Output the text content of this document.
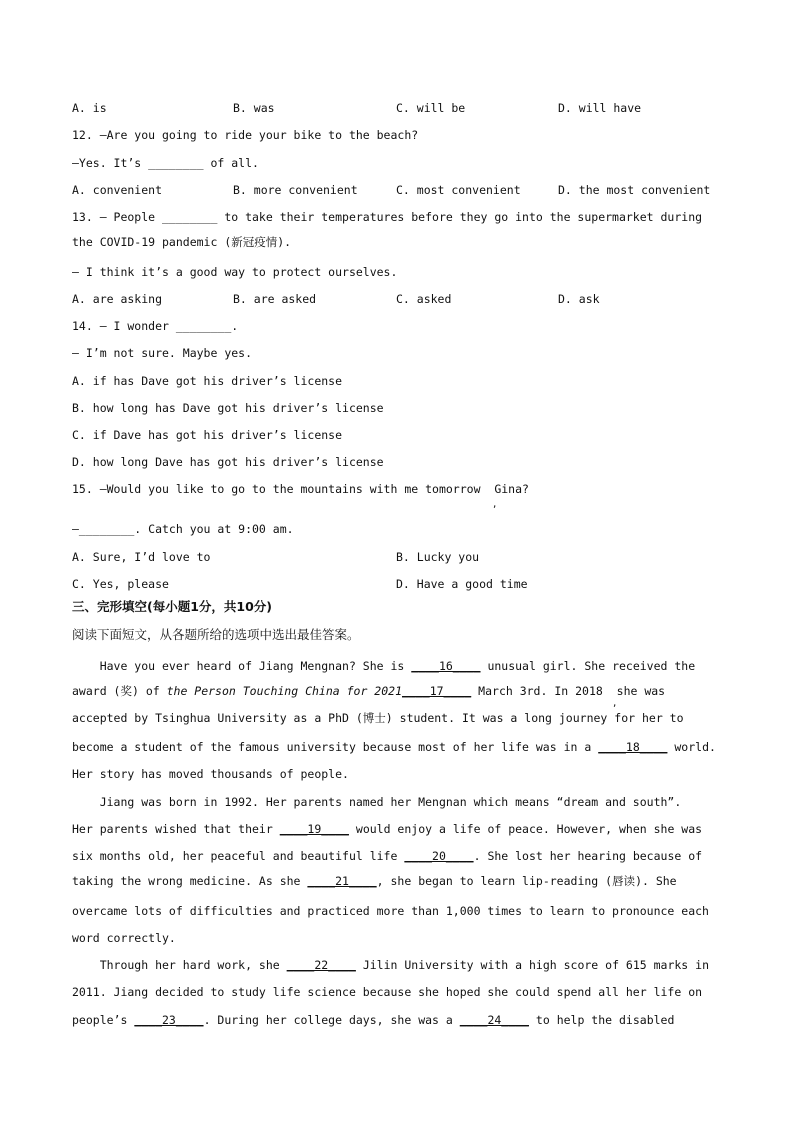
A. is	B. was	C. will be	D. will have
12. —Are you going to ride your bike to the beach?
—Yes. It’s ________ of all.
A. convenient	B. more convenient	C. most convenient	D. the most convenient
13. — People ________ to take their temperatures before they go into the supermarket during
the COVID-19 pandemic (新冠疫情).
— I think it’s a good way to protect ourselves.
A. are asking	B. are asked	C. asked	D. ask
14. — I wonder ________.
— I’m not sure. Maybe yes.
A. if has Dave got his driver’s license
B. how long has Dave got his driver’s license
C. if Dave has got his driver’s license
D. how long Dave has got his driver’s license
15. —Would you like to go to the mountains with me tomorrow  Gina?
,
—________. Catch you at 9:00 am.
A. Sure, I’d love to	B. Lucky you
C. Yes, please	D. Have a good time
三、完形填空(每小题1分，共10分)
阅读下面短文，从各题所给的选项中选出最佳答案。
Have you ever heard of Jiang Mengnan? She is ____16____ unusual girl. She received the
award (奖) of the Person Touching China for 2021____17____ March 3rd. In 2018  she was
accepted by Tsinghua University as a PhD (博士) student. It was a long journey for her to
,
become a student of the famous university because most of her life was in a ____18____ world.
Her story has moved thousands of people.
Jiang was born in 1992. Her parents named her Mengnan which means “dream and south”.
Her parents wished that their ____19____ would enjoy a life of peace. However, when she was
six months old, her peaceful and beautiful life ____20____. She lost her hearing because of
taking the wrong medicine. As she ____21____, she began to learn lip-reading (唇读). She
overcame lots of difficulties and practiced more than 1,000 times to learn to pronounce each
word correctly.
Through her hard work, she ____22____ Jilin University with a high score of 615 marks in
2011. Jiang decided to study life science because she hoped she could spend all her life on
people’s ____23____. During her college days, she was a ____24____ to help the disabled
